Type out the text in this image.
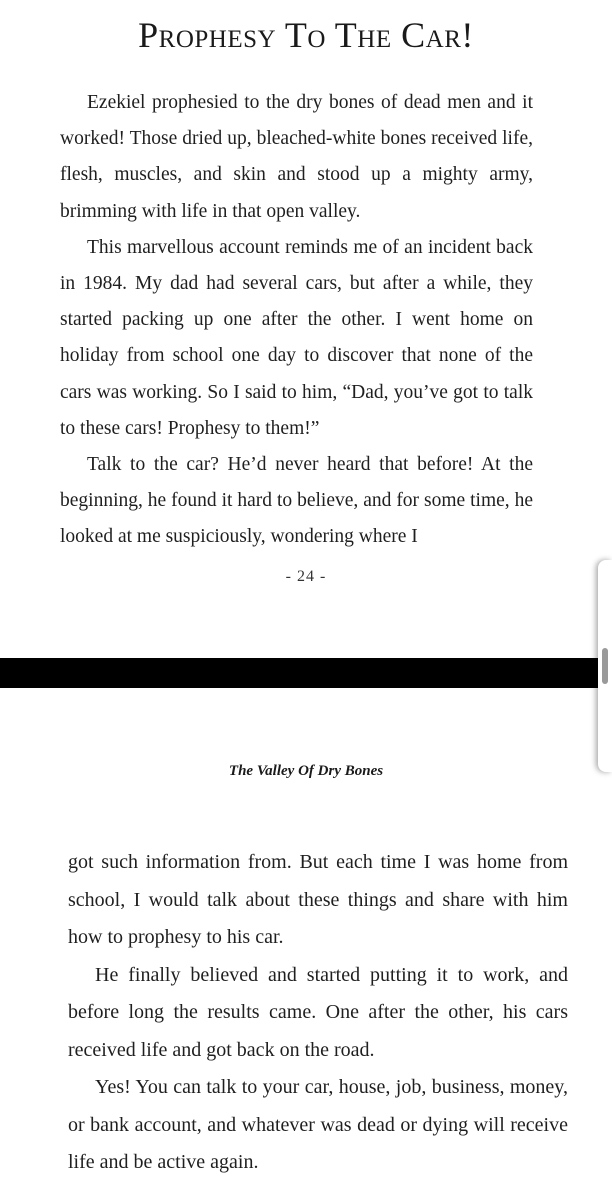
Prophesy To The Car!

Ezekiel prophesied to the dry bones of dead men and it worked! Those dried up, bleached-white bones received life, flesh, muscles, and skin and stood up a mighty army, brimming with life in that open valley.

This marvellous account reminds me of an incident back in 1984. My dad had several cars, but after a while, they started packing up one after the other. I went home on holiday from school one day to discover that none of the cars was working. So I said to him, “Dad, you’ve got to talk to these cars! Prophesy to them!”

Talk to the car? He’d never heard that before! At the beginning, he found it hard to believe, and for some time, he looked at me suspiciously, wondering where I

- 24 -
The Valley Of Dry Bones

got such information from. But each time I was home from school, I would talk about these things and share with him how to prophesy to his car.

He finally believed and started putting it to work, and before long the results came. One after the other, his cars received life and got back on the road.

Yes! You can talk to your car, house, job, business, money, or bank account, and whatever was dead or dying will receive life and be active again.
